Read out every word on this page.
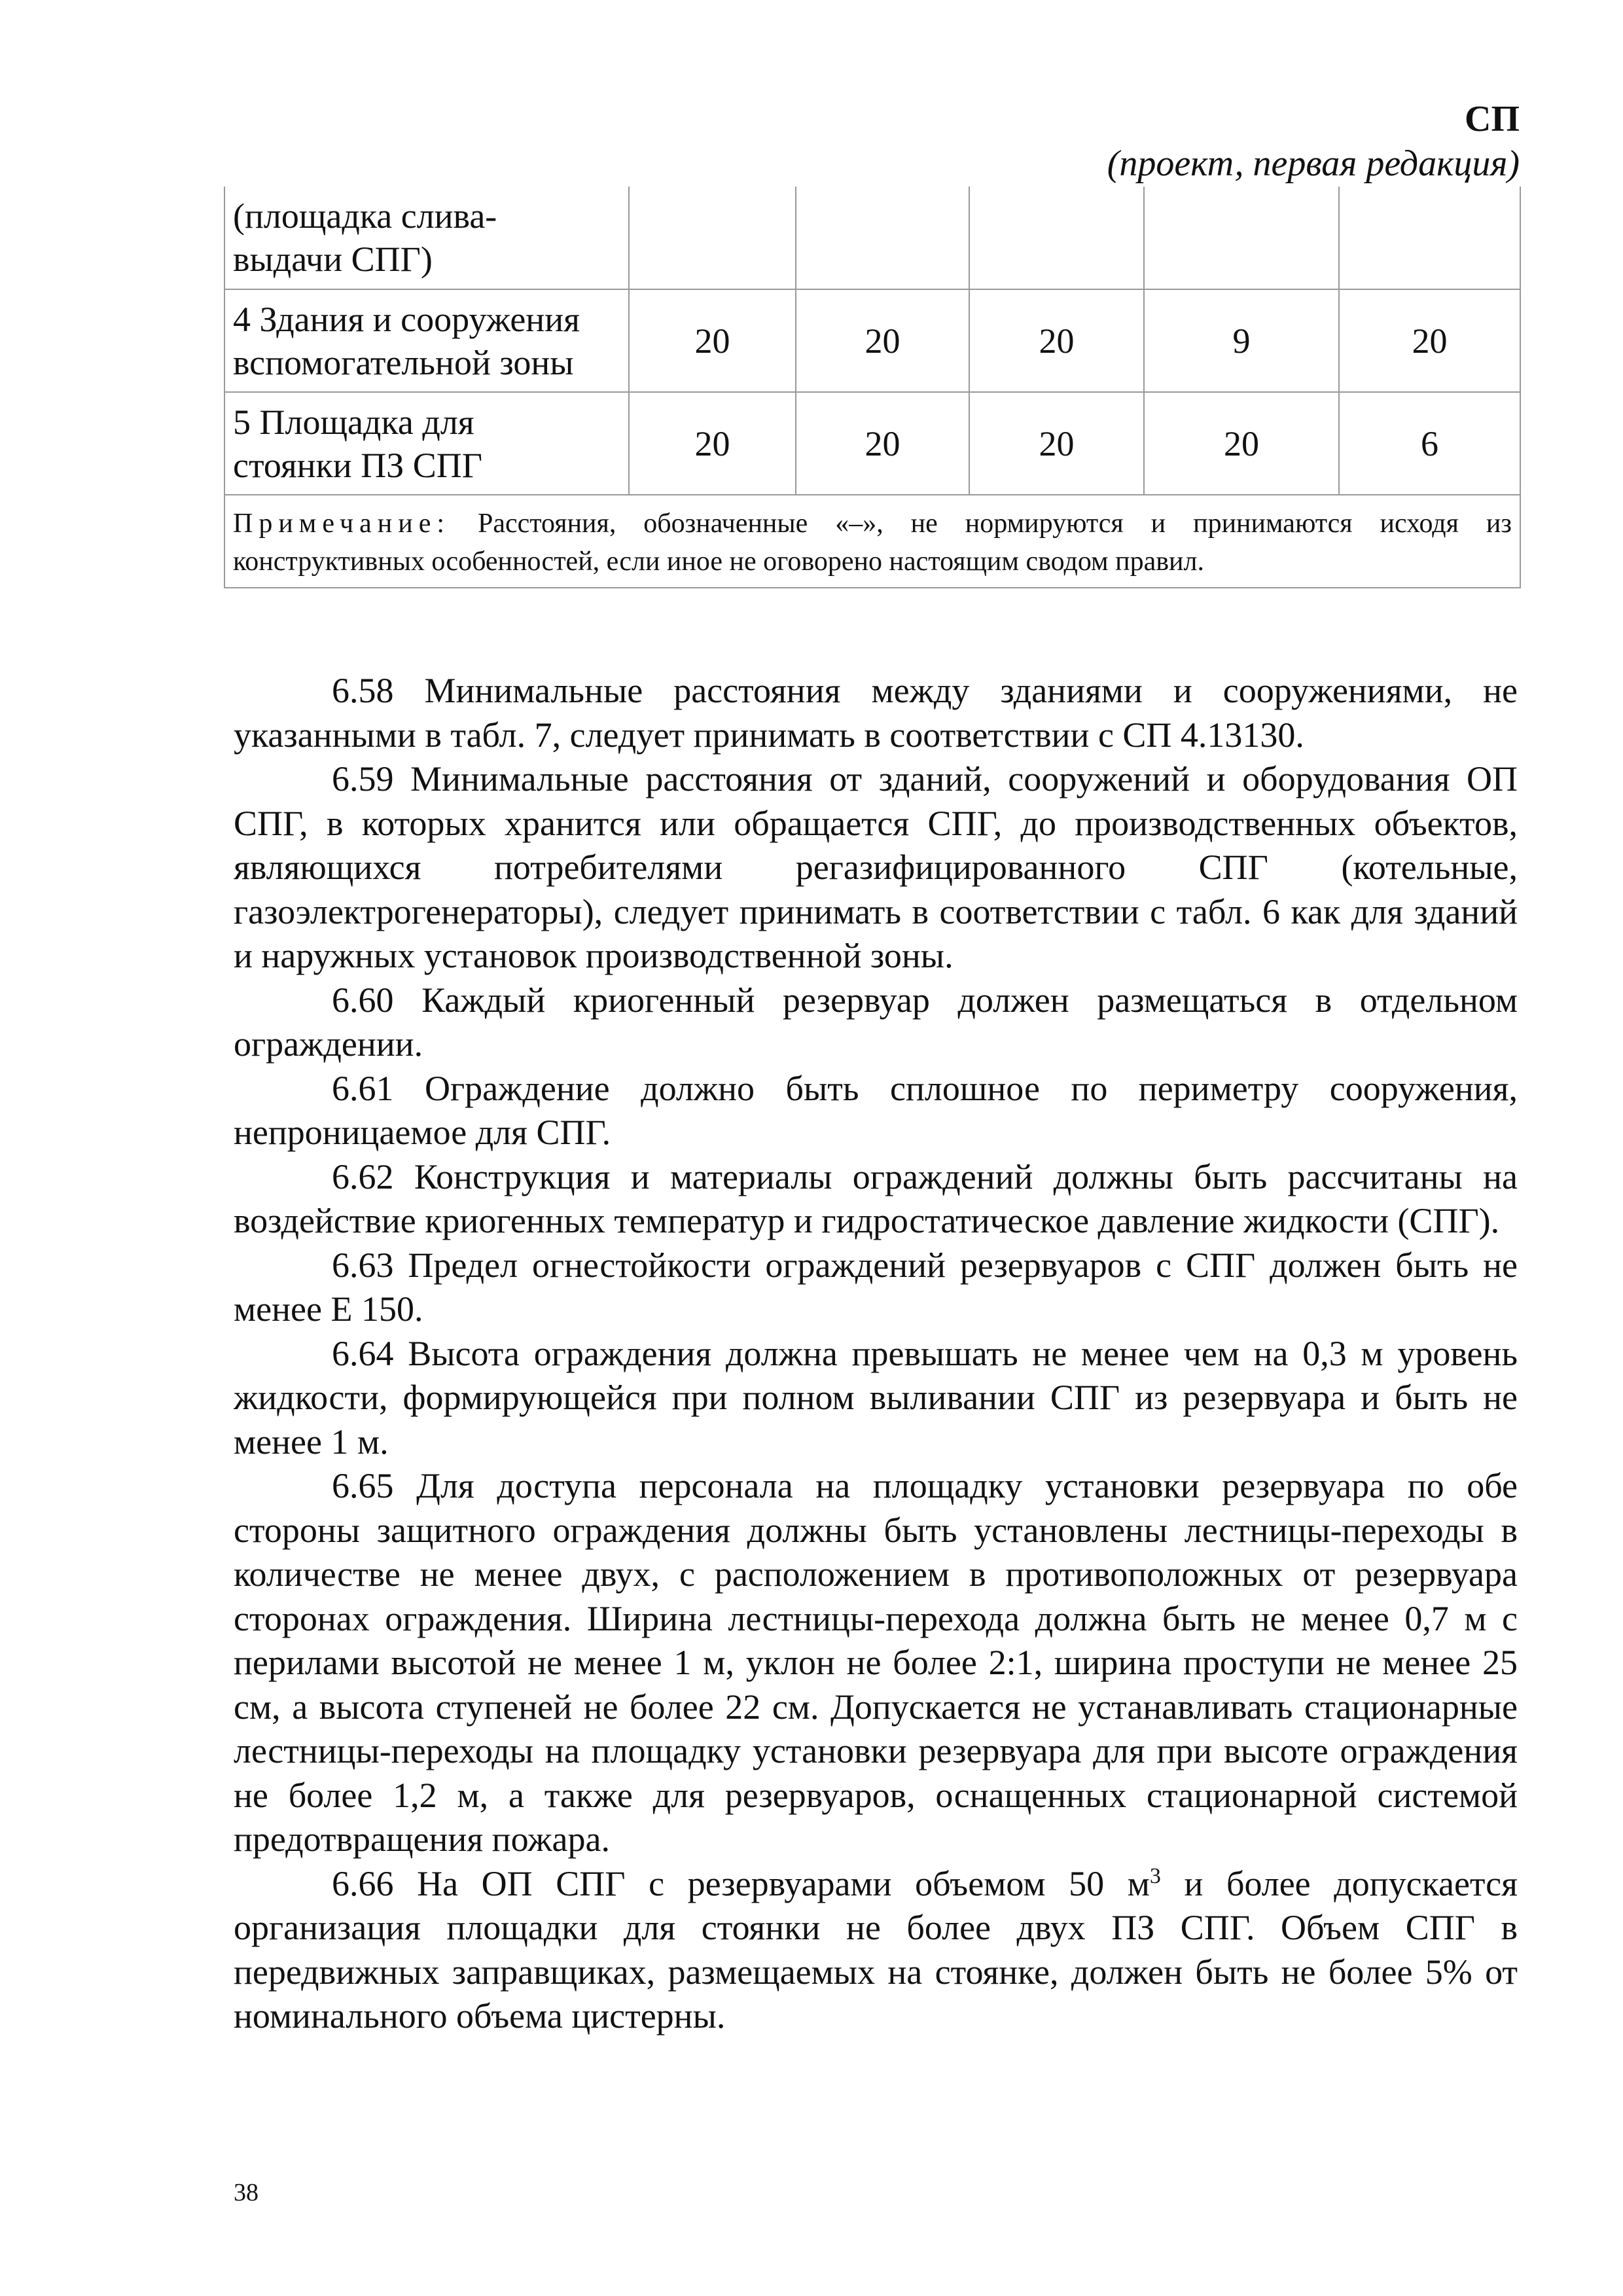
СП
(проект, первая редакция)
(площадка слива-
выдачи СПГ)					
4 Здания и сооружения
вспомогательной зоны	20	20	20	9	20
5 Площадка для
стоянки ПЗ СПГ	20	20	20	20	6
Примечание: Расстояния, обозначенные «–», не нормируются и принимаются исходя из конструктивных особенностей, если иное не оговорено настоящим сводом правил.					

6.58 Минимальные расстояния между зданиями и сооружениями, не указанными в табл. 7, следует принимать в соответствии с СП 4.13130.

6.59 Минимальные расстояния от зданий, сооружений и оборудования ОП СПГ, в которых хранится или обращается СПГ, до производственных объектов, являющихся потребителями регазифицированного СПГ (котельные, газоэлектрогенераторы), следует принимать в соответствии с табл. 6 как для зданий и наружных установок производственной зоны.

6.60 Каждый криогенный резервуар должен размещаться в отдельном ограждении.

6.61 Ограждение должно быть сплошное по периметру сооружения, непроницаемое для СПГ.

6.62 Конструкция и материалы ограждений должны быть рассчитаны на воздействие криогенных температур и гидростатическое давление жидкости (СПГ).

6.63 Предел огнестойкости ограждений резервуаров с СПГ должен быть не менее Е 150.

6.64 Высота ограждения должна превышать не менее чем на 0,3 м уровень жидкости, формирующейся при полном выливании СПГ из резервуара и быть не менее 1 м.

6.65 Для доступа персонала на площадку установки резервуара по обе стороны защитного ограждения должны быть установлены лестницы-переходы в количестве не менее двух, с расположением в противоположных от резервуара сторонах ограждения. Ширина лестницы-перехода должна быть не менее 0,7 м с перилами высотой не менее 1 м, уклон не более 2:1, ширина проступи не менее 25 см, а высота ступеней не более 22 см. Допускается не устанавливать стационарные лестницы-переходы на площадку установки резервуара для при высоте ограждения не более 1,2 м, а также для резервуаров, оснащенных стационарной системой предотвращения пожара.

6.66 На ОП СПГ с резервуарами объемом 50 $м^3$ и более допускается организация площадки для стоянки не более двух ПЗ СПГ. Объем СПГ в передвижных заправщиках, размещаемых на стоянке, должен быть не более 5% от номинального объема цистерны.

38
